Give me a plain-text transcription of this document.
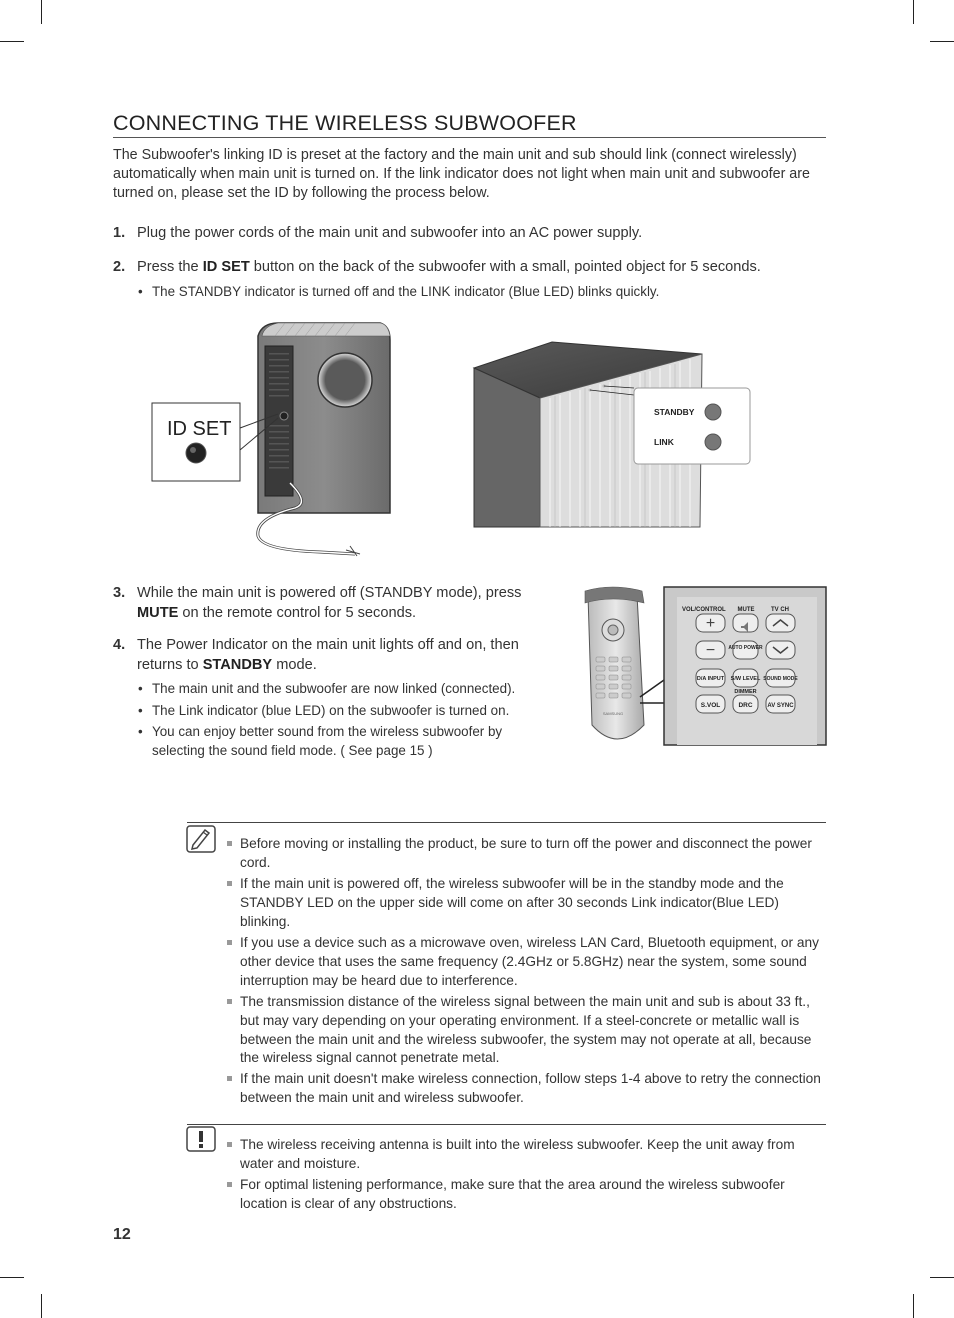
CONNECTING THE WIRELESS SUBWOOFER
The Subwoofer's linking ID is preset at the factory and the main unit and sub should link (connect wirelessly) automatically when main unit is turned on. If the link indicator does not light when main unit and subwoofer are turned on, please set the ID by following the process below.
1. Plug the power cords of the main unit and subwoofer into an AC power supply.
2. Press the ID SET button on the back of the subwoofer with a small, pointed object for 5 seconds.
• The STANDBY indicator is turned off and the LINK indicator (Blue LED) blinks quickly.
ID SET
STANDBY
LINK
3. While the main unit is powered off (STANDBY mode), press MUTE on the remote control for 5 seconds.
4. The Power Indicator on the main unit lights off and on, then returns to STANDBY mode.
• The main unit and the subwoofer are now linked (connected).
• The Link indicator (blue LED) on the subwoofer is turned on.
• You can enjoy better sound from the wireless subwoofer by selecting the sound field mode. ( See page 15 )
SAMSUNG
VOL/CONTROL MUTE	TV CH
+
−	AUTO POWER
D/A INPUT S/W LEVEL SOUND MODE
DIMMER
S.VOL	DRC AV SYNC
Before moving or installing the product, be sure to turn off the power and disconnect the power cord.
If the main unit is powered off, the wireless subwoofer will be in the standby mode and the STANDBY LED on the upper side will come on after 30 seconds Link indicator(Blue LED) blinking.
If you use a device such as a microwave oven, wireless LAN Card, Bluetooth equipment, or any other device that uses the same frequency (2.4GHz or 5.8GHz) near the system, some sound interruption may be heard due to interference.
The transmission distance of the wireless signal between the main unit and sub is about 33 ft., but may vary depending on your operating environment. If a steel-concrete or metallic wall is between the main unit and the wireless subwoofer, the system may not operate at all, because the wireless signal cannot penetrate metal.
If the main unit doesn't make wireless connection, follow steps 1-4 above to retry the connection between the main unit and wireless subwoofer.
The wireless receiving antenna is built into the wireless subwoofer. Keep the unit away from water and moisture.
For optimal listening performance, make sure that the area around the wireless subwoofer location is clear of any obstructions.
12
